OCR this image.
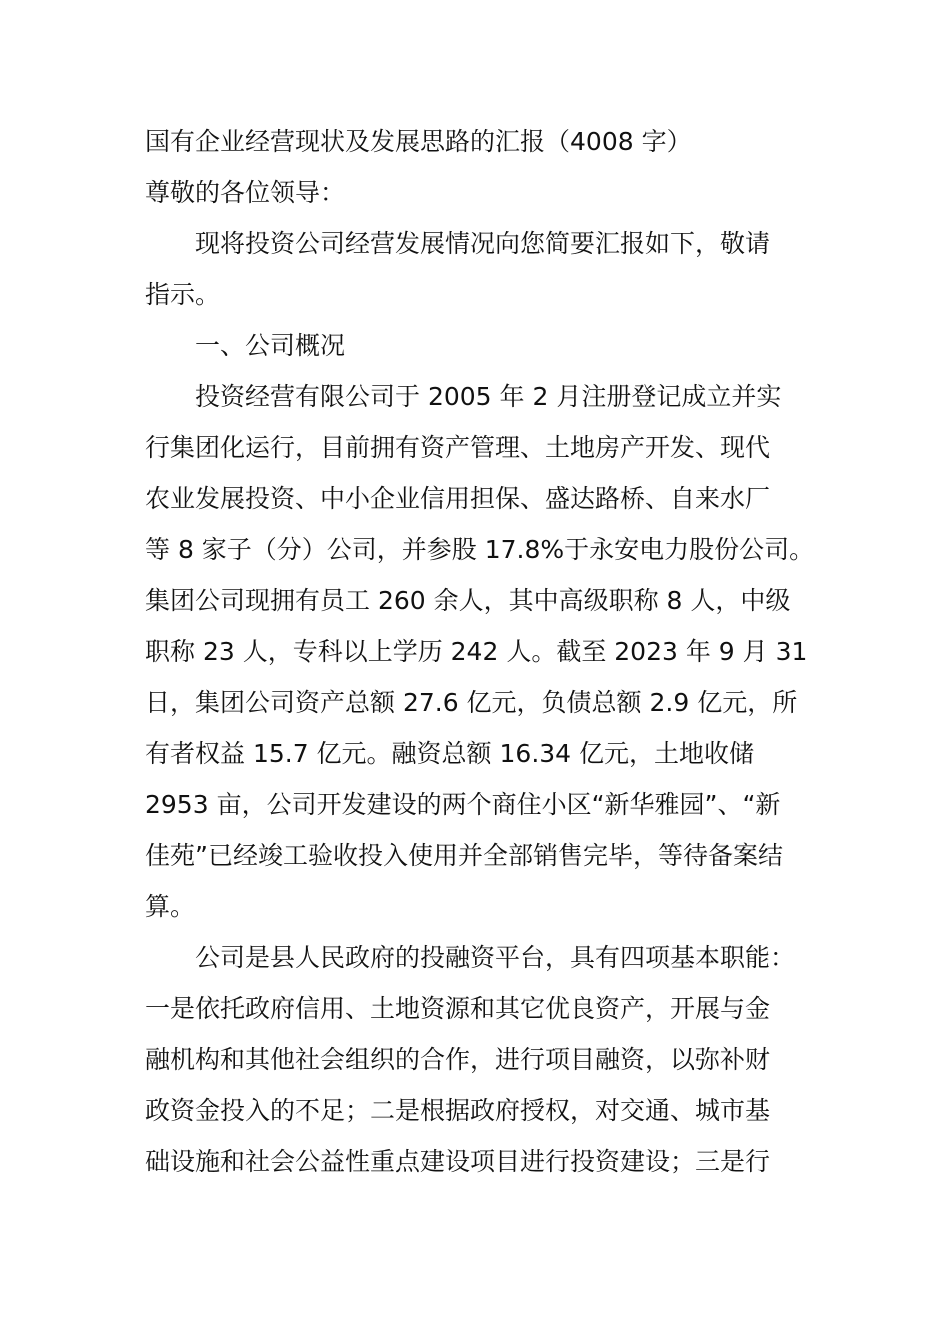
国有企业经营现状及发展思路的汇报（4008 字）
尊敬的各位领导：
现将投资公司经营发展情况向您简要汇报如下，敬请
指示。
一、公司概况
投资经营有限公司于 2005 年 2 月注册登记成立并实
行集团化运行，目前拥有资产管理、土地房产开发、现代
农业发展投资、中小企业信用担保、盛达路桥、自来水厂
等 8 家子（分）公司，并参股 17.8%于永安电力股份公司。
集团公司现拥有员工 260 余人，其中高级职称 8 人，中级
职称 23 人，专科以上学历 242 人。截至 2023 年 9 月 31
日，集团公司资产总额 27.6 亿元，负债总额 2.9 亿元，所
有者权益 15.7 亿元。融资总额 16.34 亿元，土地收储
2953 亩，公司开发建设的两个商住小区“新华雅园”、“新
佳苑”已经竣工验收投入使用并全部销售完毕，等待备案结
算。
公司是县人民政府的投融资平台，具有四项基本职能：
一是依托政府信用、土地资源和其它优良资产，开展与金
融机构和其他社会组织的合作，进行项目融资，以弥补财
政资金投入的不足；二是根据政府授权，对交通、城市基
础设施和社会公益性重点建设项目进行投资建设；三是行
